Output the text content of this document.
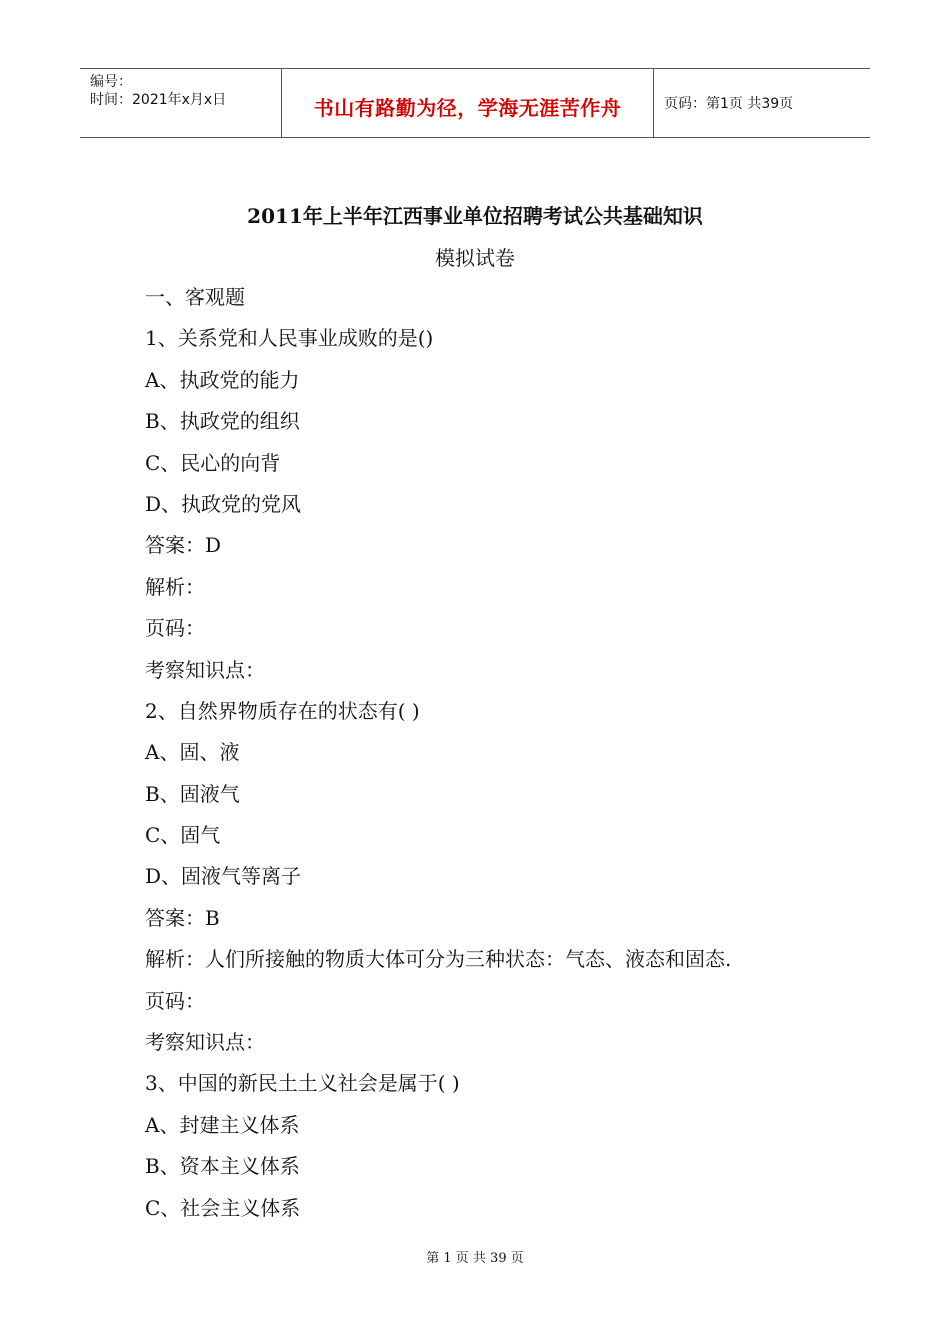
编号：
时间：2021年x月x日	书山有路勤为径，学海无涯苦作舟	页码：第1页 共39页
2011年上半年江西事业单位招聘考试公共基础知识
模拟试卷
一、客观题
1、关系党和人民事业成败的是()
A、执政党的能力
B、执政党的组织
C、民心的向背
D、执政党的党风
答案：D
解析：
页码：
考察知识点：
2、自然界物质存在的状态有( )
A、固、液
B、固液气
C、固气
D、固液气等离子
答案：B
解析：人们所接触的物质大体可分为三种状态：气态、液态和固态.
页码：
考察知识点：
3、中国的新民土土义社会是属于( )
A、封建主义体系
B、资本主义体系
C、社会主义体系
第 1 页 共 39 页
